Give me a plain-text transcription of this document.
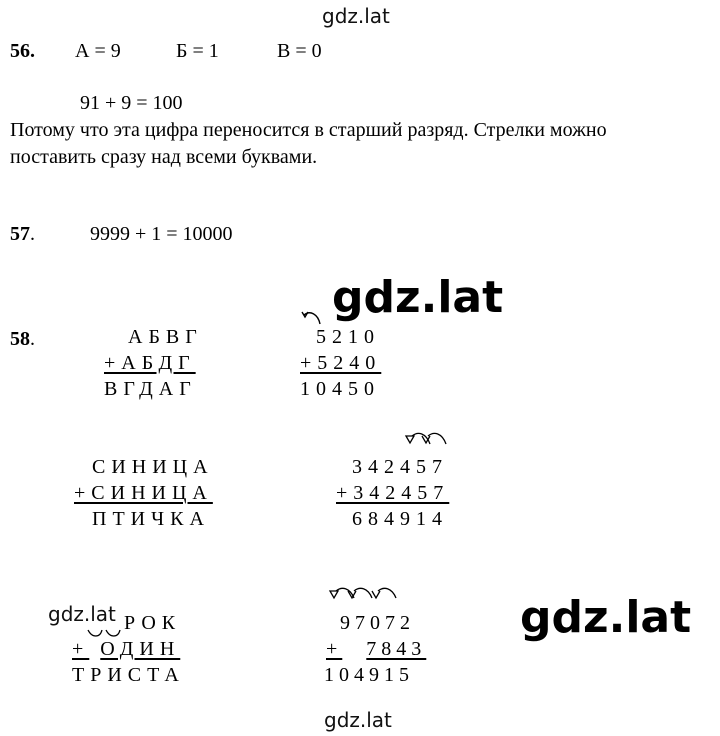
gdz.lat
gdz.lat
gdz.lat	gdz.lat
gdz.lat
56. А = 9	Б = 1	В = 0
91 + 9 = 100
Потому что эта цифра переносится в старший разряд. Стрелки можно
поставить сразу над всеми буквами.
57.	9999 + 1 = 10000
58.	АБВГ
+АБДГ
ВГДАГ
5210
+5240
10450
СИНИЦА
+СИНИЦА
ПТИЧКА
342457
+342457
684914
РОК
+ ОДИН
ТРИСТА
97072
+ 7843
104915
